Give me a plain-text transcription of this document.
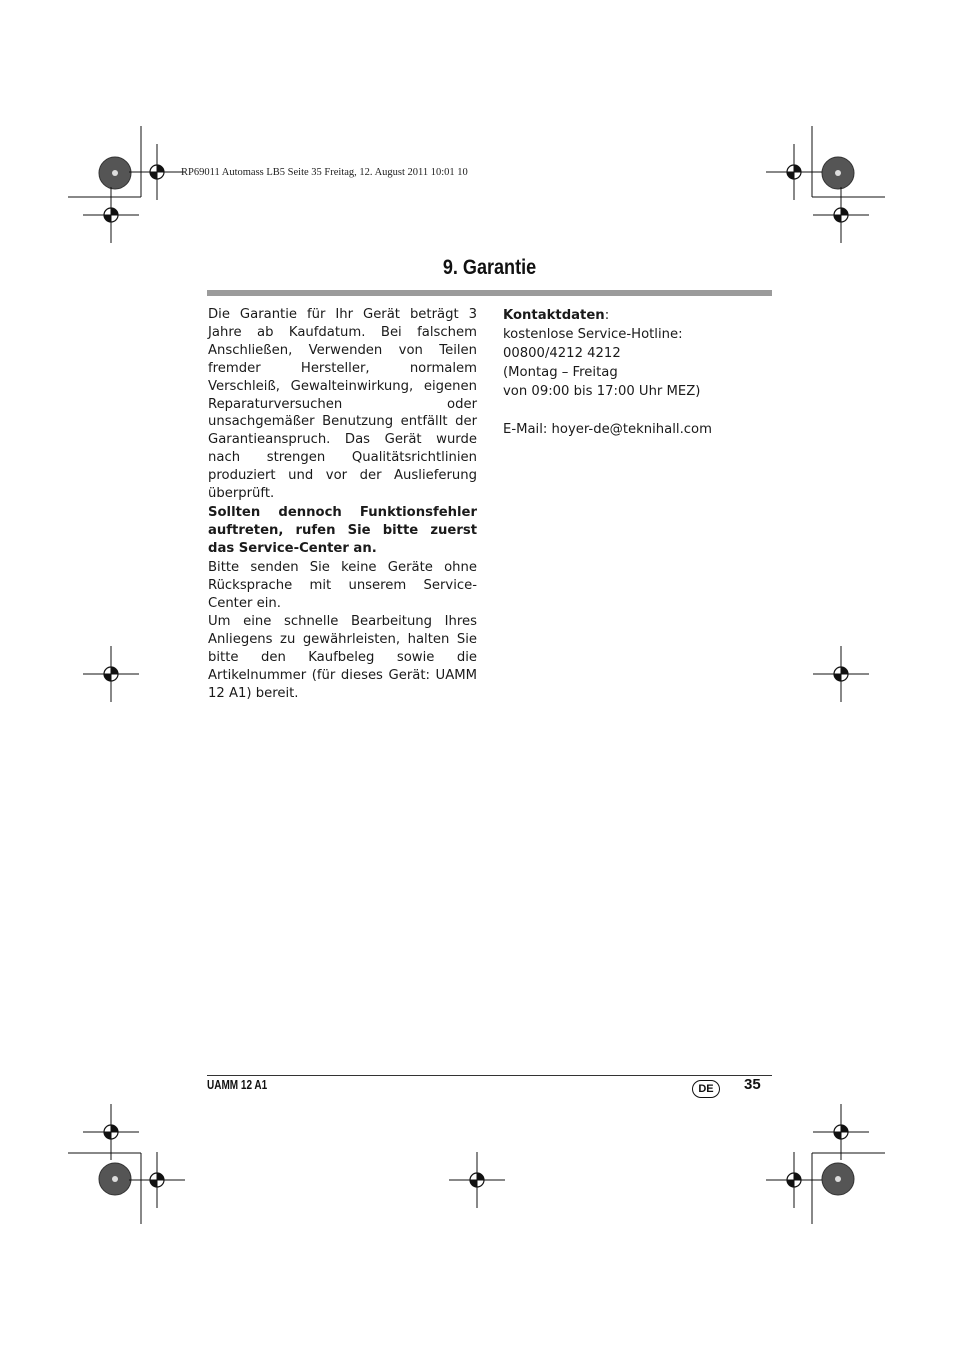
RP69011 Automass LB5 Seite 35 Freitag, 12. August 2011 10:01 10
9. Garantie

Die Garantie für Ihr Gerät beträgt 3 Jahre ab Kaufdatum. Bei falschem Anschließen, Verwenden von Teilen fremder Hersteller, normalem Verschleiß, Gewalteinwirkung, eigenen Reparaturversuchen oder unsachgemäßer Benutzung entfällt der Garantieanspruch. Das Gerät wurde nach strengen Qualitätsrichtlinien produziert und vor der Auslieferung überprüft.

Sollten dennoch Funktionsfehler auftreten, rufen Sie bitte zuerst das Service-Center an.

Bitte senden Sie keine Geräte ohne Rücksprache mit unserem Service-Center ein.

Um eine schnelle Bearbeitung Ihres Anliegens zu gewährleisten, halten Sie bitte den Kaufbeleg sowie die Artikelnummer (für dieses Gerät: UAMM 12 A1) bereit.

Kontaktdaten:
kostenlose Service-Hotline:
00800/4212 4212
(Montag – Freitag
von 09:00 bis 17:00 Uhr MEZ)
E-Mail: hoyer-de@teknihall.com
UAMM 12 A1	DE	35
